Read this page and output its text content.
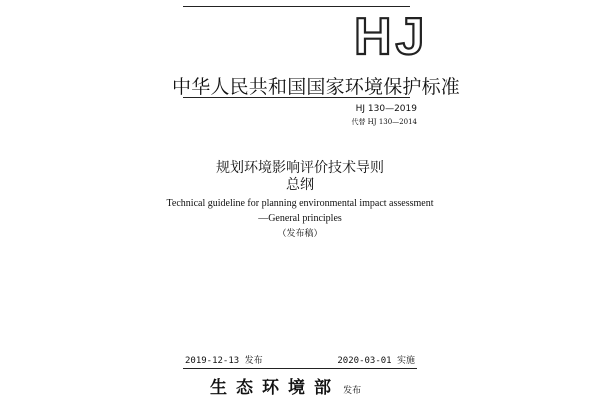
HJ
中华人民共和国国家环境保护标准
HJ 130—2019
代替 HJ 130—2014
规划环境影响评价技术导则
总纲
Technical guideline for planning environmental impact assessment
—General principles
（发布稿）
2019-12-13 发布	2020-03-01 实施
生态环境部 发布
